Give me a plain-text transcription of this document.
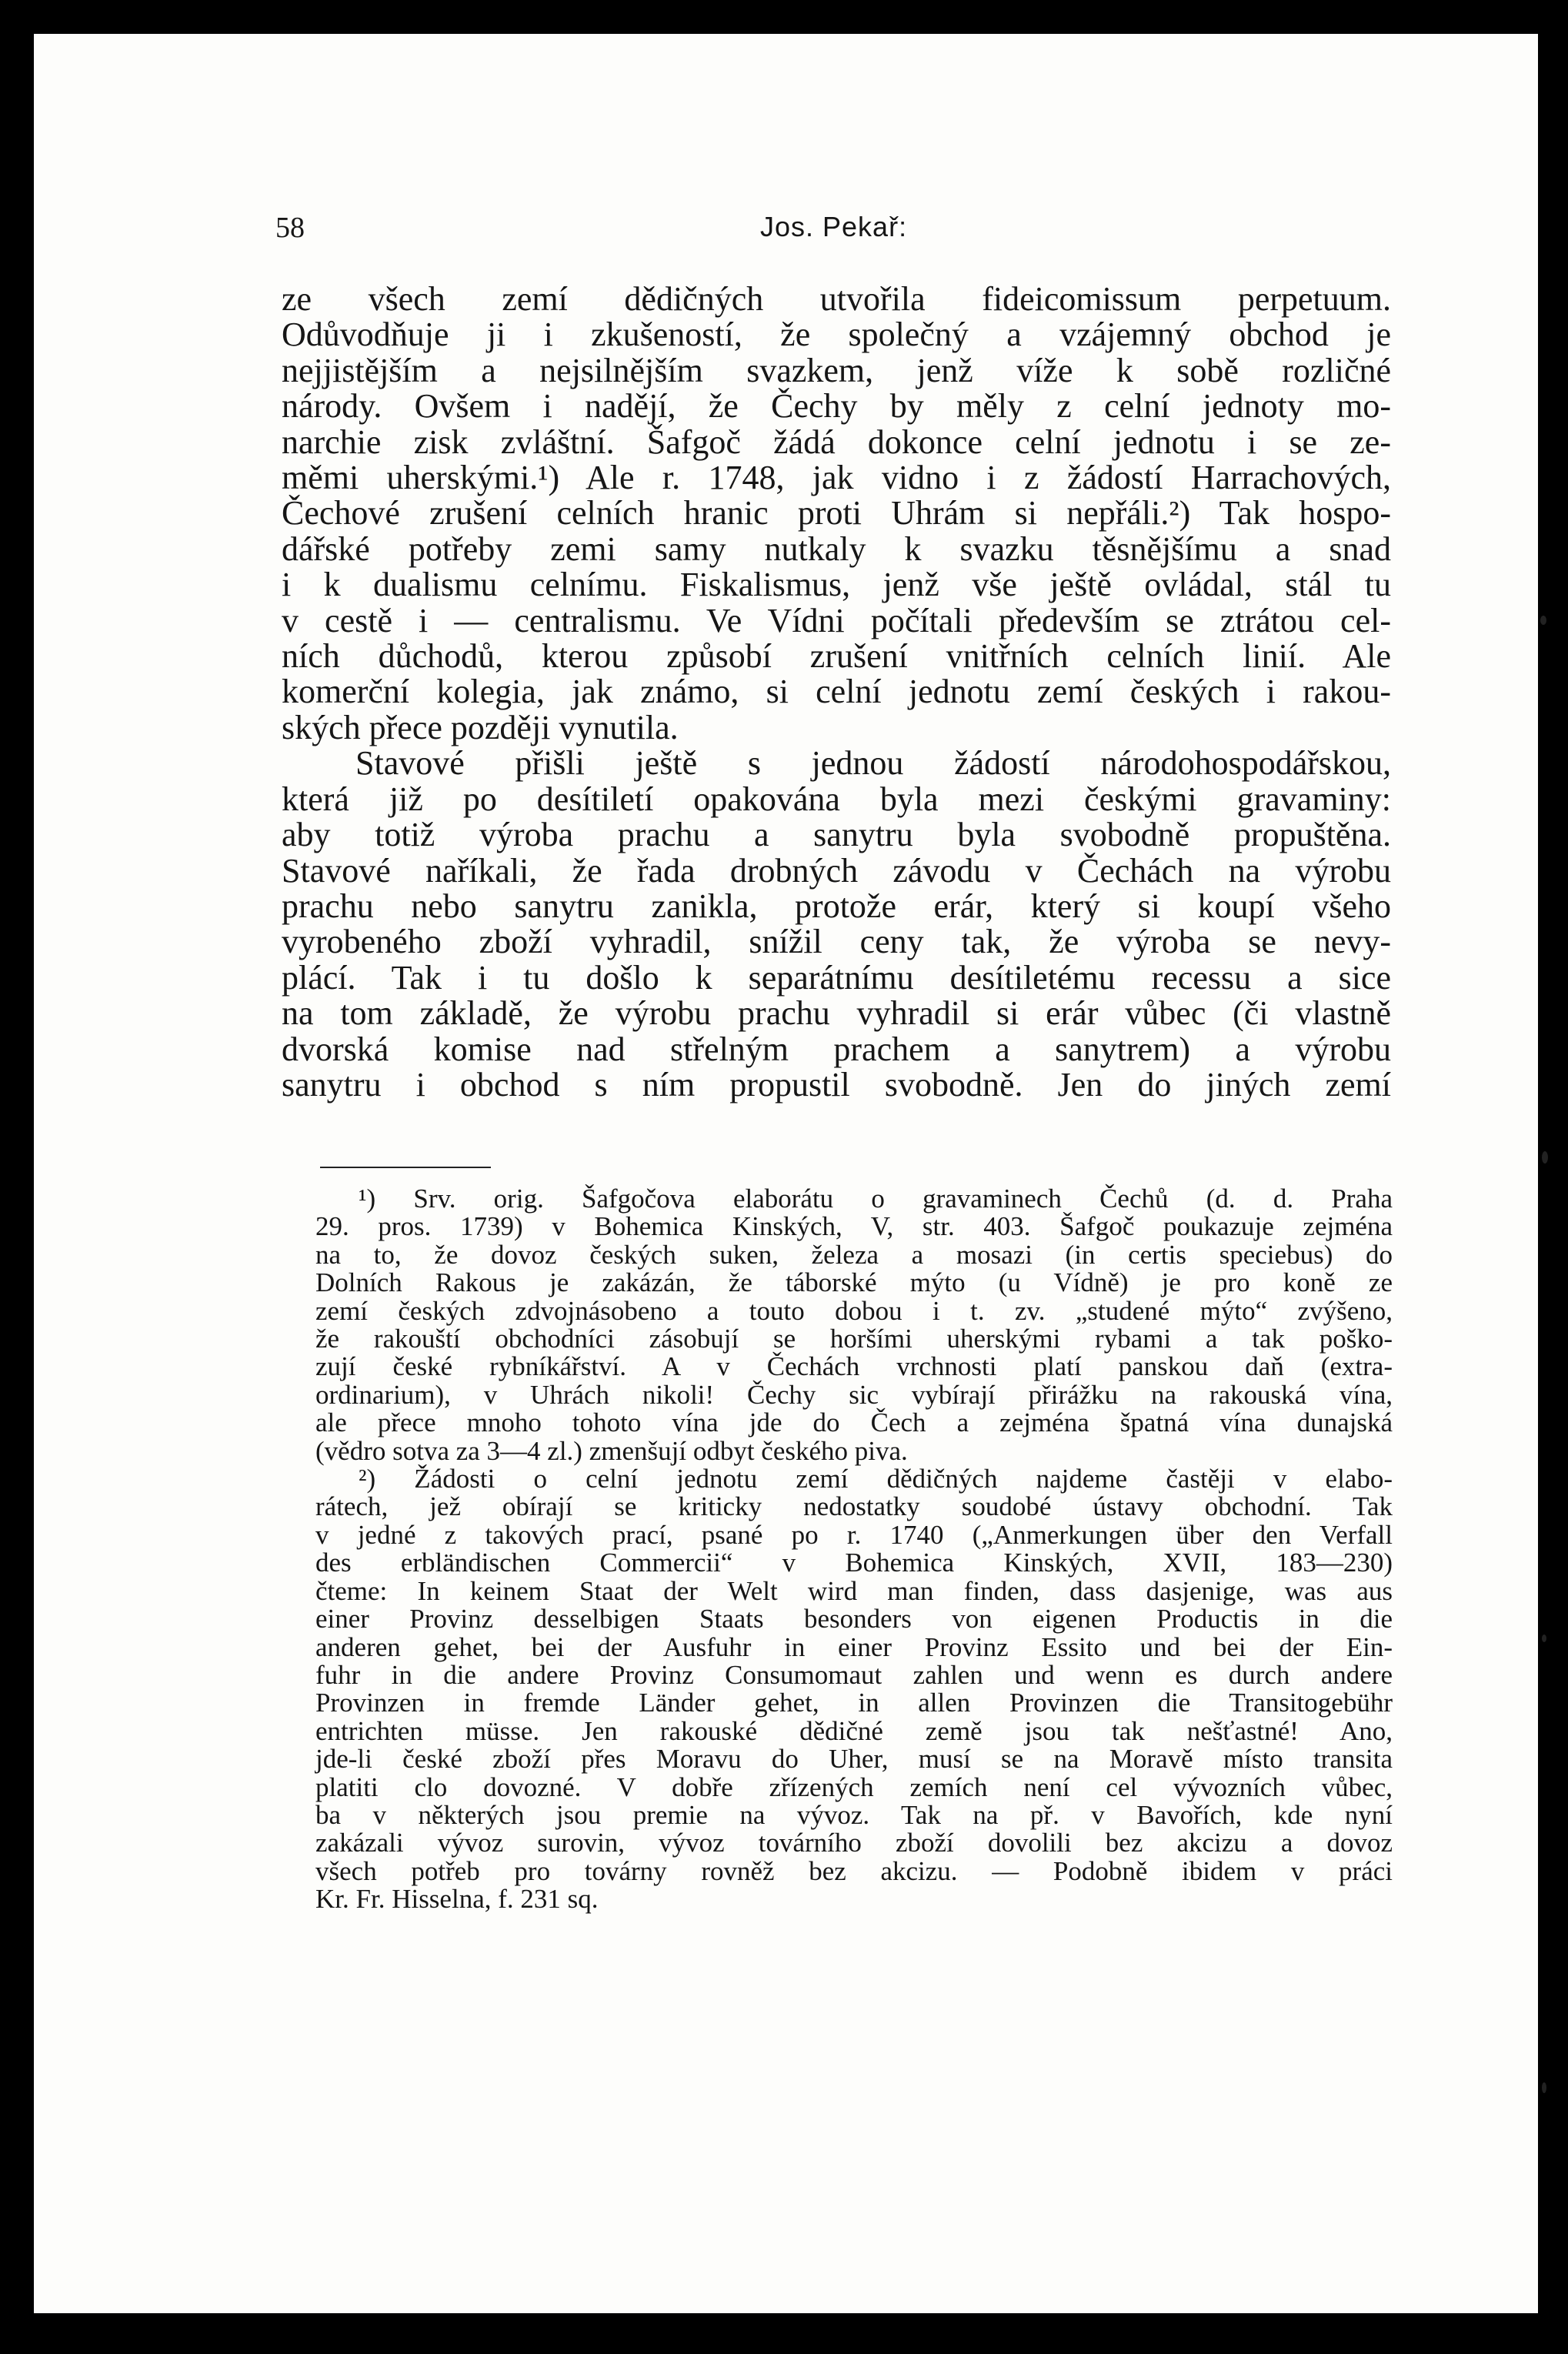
58	Jos. Pekař:

ze všech zemí dědičných utvořila fideicomissum perpetuum.

Odůvodňuje ji i zkušeností, že společný a vzájemný obchod je

nejjistějším a nejsilnějším svazkem, jenž víže k sobě rozličné

národy. Ovšem i nadějí, že Čechy by měly z celní jednoty mo-

narchie zisk zvláštní. Šafgoč žádá dokonce celní jednotu i se ze-

měmi uherskými.¹) Ale r. 1748, jak vidno i z žádostí Harrachových,

Čechové zrušení celních hranic proti Uhrám si nepřáli.²) Tak hospo-

dářské potřeby zemi samy nutkaly k svazku těsnějšímu a snad

i k dualismu celnímu. Fiskalismus, jenž vše ještě ovládal, stál tu

v cestě i — centralismu. Ve Vídni počítali především se ztrátou cel-

ních důchodů, kterou způsobí zrušení vnitřních celních linií. Ale

komerční kolegia, jak známo, si celní jednotu zemí českých i rakou-

ských přece později vynutila.

Stavové přišli ještě s jednou žádostí národohospodářskou,

která již po desítiletí opakována byla mezi českými gravaminy:

aby totiž výroba prachu a sanytru byla svobodně propuštěna.

Stavové naříkali, že řada drobných závodu v Čechách na výrobu

prachu nebo sanytru zanikla, protože erár, který si koupí všeho

vyrobeného zboží vyhradil, snížil ceny tak, že výroba se nevy-

plácí. Tak i tu došlo k separátnímu desítiletému recessu a sice

na tom základě, že výrobu prachu vyhradil si erár vůbec (či vlastně

dvorská komise nad střelným prachem a sanytrem) a výrobu

sanytru i obchod s ním propustil svobodně. Jen do jiných zemí

¹) Srv. orig. Šafgočova elaborátu o gravaminech Čechů (d. d. Praha
29. pros. 1739) v Bohemica Kinských, V, str. 403. Šafgoč poukazuje zejména
na to, že dovoz českých suken, železa a mosazi (in certis speciebus) do
Dolních Rakous je zakázán, že táborské mýto (u Vídně) je pro koně ze
zemí českých zdvojnásobeno a touto dobou i t. zv. „studené mýto“ zvýšeno,
že rakouští obchodníci zásobují se horšími uherskými rybami a tak poško-
zují české rybníkářství. A v Čechách vrchnosti platí panskou daň (extra-
ordinarium), v Uhrách nikoli! Čechy sic vybírají přirážku na rakouská vína,
ale přece mnoho tohoto vína jde do Čech a zejména špatná vína dunajská
(vědro sotva za 3—4 zl.) zmenšují odbyt českého piva.
²) Žádosti o celní jednotu zemí dědičných najdeme častěji v elabo-
rátech, jež obírají se kriticky nedostatky soudobé ústavy obchodní. Tak
v jedné z takových prací, psané po r. 1740 („Anmerkungen über den Verfall
des erbländischen Commercii“ v Bohemica Kinských, XVII, 183—230)
čteme: In keinem Staat der Welt wird man finden, dass dasjenige, was aus
einer Provinz desselbigen Staats besonders von eigenen Productis in die
anderen gehet, bei der Ausfuhr in einer Provinz Essito und bei der Ein-
fuhr in die andere Provinz Consumomaut zahlen und wenn es durch andere
Provinzen in fremde Länder gehet, in allen Provinzen die Transitogebühr
entrichten müsse. Jen rakouské dědičné země jsou tak nešťastné! Ano,
jde-li české zboží přes Moravu do Uher, musí se na Moravě místo transita
platiti clo dovozné. V dobře zřízených zemích není cel vývozních vůbec,
ba v některých jsou premie na vývoz. Tak na př. v Bavořích, kde nyní
zakázali vývoz surovin, vývoz továrního zboží dovolili bez akcizu a dovoz
všech potřeb pro továrny rovněž bez akcizu. — Podobně ibidem v práci
Kr. Fr. Hisselna, f. 231 sq.
